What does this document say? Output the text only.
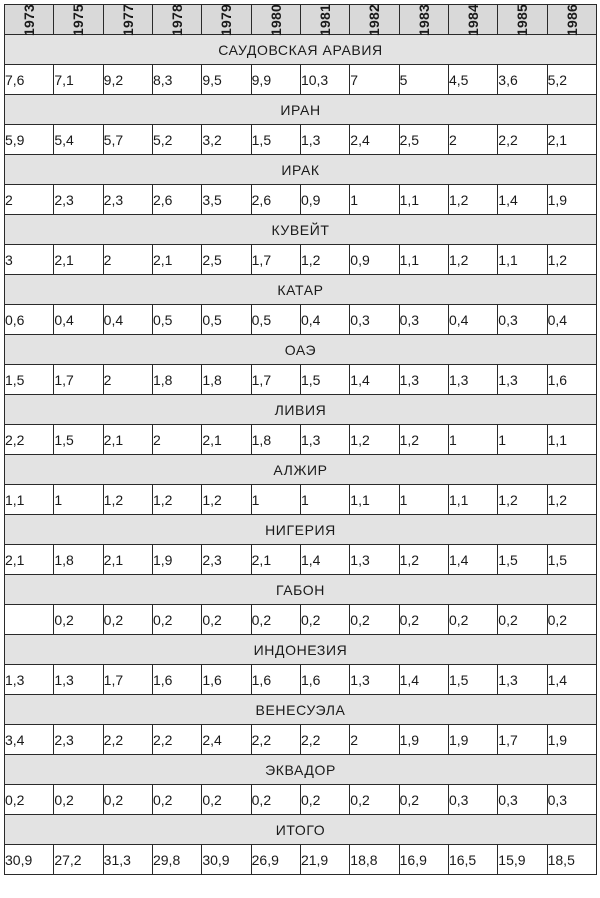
1973	1975	1977	1978	1979	1980	1981	1982	1983	1984	1985	1986

САУДОВСКАЯ АРАВИЯ											
7,6	7,1	9,2	8,3	9,5	9,9	10,3	7	5	4,5	3,6	5,2
ИРАН											
5,9	5,4	5,7	5,2	3,2	1,5	1,3	2,4	2,5	2	2,2	2,1
ИРАК											
2	2,3	2,3	2,6	3,5	2,6	0,9	1	1,1	1,2	1,4	1,9
КУВЕЙТ											
3	2,1	2	2,1	2,5	1,7	1,2	0,9	1,1	1,2	1,1	1,2
КАТАР											
0,6	0,4	0,4	0,5	0,5	0,5	0,4	0,3	0,3	0,4	0,3	0,4
ОАЭ											
1,5	1,7	2	1,8	1,8	1,7	1,5	1,4	1,3	1,3	1,3	1,6
ЛИВИЯ											
2,2	1,5	2,1	2	2,1	1,8	1,3	1,2	1,2	1	1	1,1
АЛЖИР											
1,1	1	1,2	1,2	1,2	1	1	1,1	1	1,1	1,2	1,2
НИГЕРИЯ											
2,1	1,8	2,1	1,9	2,3	2,1	1,4	1,3	1,2	1,4	1,5	1,5
ГАБОН											
	0,2	0,2	0,2	0,2	0,2	0,2	0,2	0,2	0,2	0,2	0,2
ИНДОНЕЗИЯ											
1,3	1,3	1,7	1,6	1,6	1,6	1,6	1,3	1,4	1,5	1,3	1,4
ВЕНЕСУЭЛА											
3,4	2,3	2,2	2,2	2,4	2,2	2,2	2	1,9	1,9	1,7	1,9
ЭКВАДОР											
0,2	0,2	0,2	0,2	0,2	0,2	0,2	0,2	0,2	0,3	0,3	0,3
ИТОГО											
30,9	27,2	31,3	29,8	30,9	26,9	21,9	18,8	16,9	16,5	15,9	18,5
